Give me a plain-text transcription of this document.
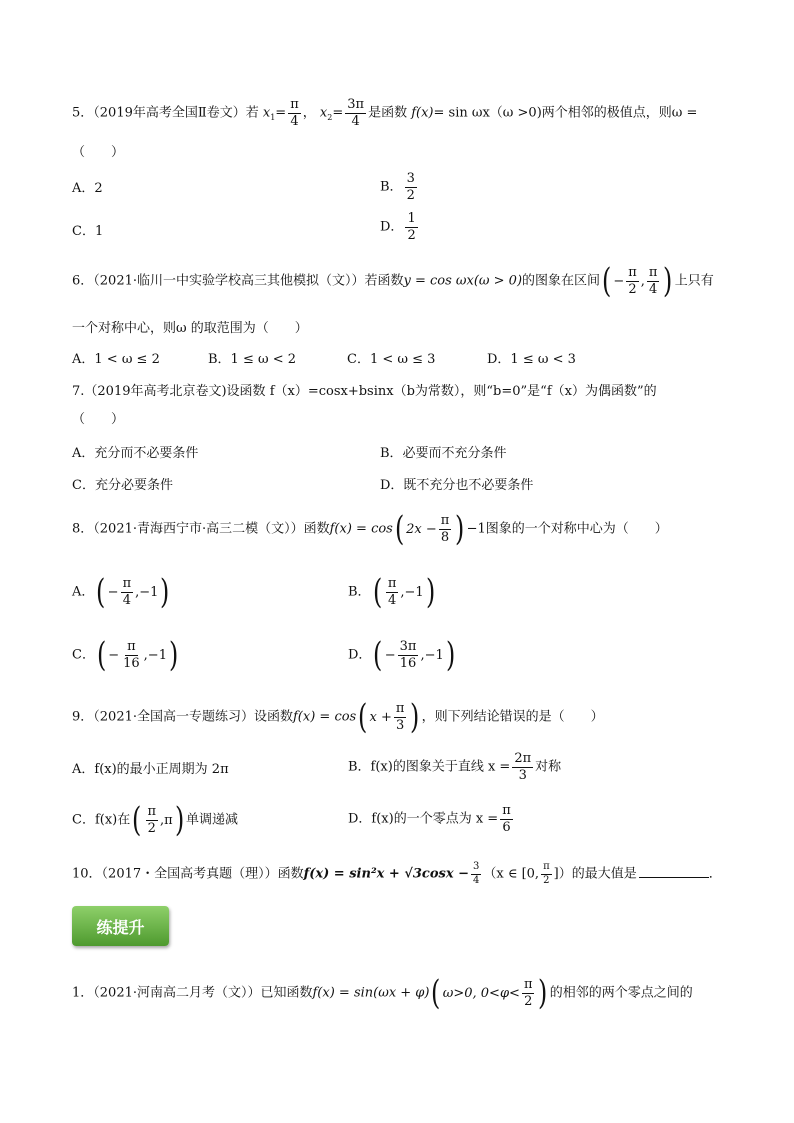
5．（2019年高考全国Ⅱ卷文）若 $x_1= \frac{\pi}{4}$ ， $x_2= \frac{3\pi}{4}$ 是函数 f(x)= sin ωx（ω >0)两个相邻的极值点，则ω =
（　　）
A．2	B． $\frac{3}{2}$
C．1	D． $\frac{1}{2}$
6．（2021·临川一中实验学校高三其他模拟（文））若函数y = cos ωx(ω > 0)的图象在区间 ( − $\frac{\pi}{2}$ , $\frac{\pi}{4}$ ) 上只有
一个对称中心，则ω 的取范围为（　　）
A．1 < ω ≤ 2	B．1 ≤ ω < 2	C．1 < ω ≤ 3	D．1 ≤ ω < 3
7.（2019年高考北京卷文)设函数 f（x）=cosx+bsinx（b为常数），则“b=0”是“f（x）为偶函数”的
（　　）
A．充分而不必要条件	B．必要而不充分条件
C．充分必要条件	D．既不充分也不必要条件
8．（2021·青海西宁市·高三二模（文））函数f(x) = cos ( $2x - \frac{\pi}{8}$ ) −1图象的一个对称中心为（　　）
A． ( − $\frac{\pi}{4} ,-1$ )	B． ( $\frac{\pi}{4} ,-1$ )
C． ( − $\frac{\pi}{16} ,-1$ )	D． ( − $\frac{3\pi}{16} ,-1$ )
9．（2021·全国高一专题练习）设函数f(x) = cos ( $x + \frac{\pi}{3}$ ) ，则下列结论错误的是（　　）
A．f(x)的最小正周期为 2π	B．f(x)的图象关于直线 $x = \frac{2\pi}{3}$ 对称
C．f(x)在 ( $\frac{\pi}{2} ,\pi$ ) 单调递减	D．f(x)的一个零点为 $x = \frac{\pi}{6}$
10．（2017・全国高考真题（理））函数$f(x) = \sin^2x + √3\cos x - \frac{3}{4} (x$ ∈ [0, $\frac{\pi}{2}$ ]）的最大值是	．
练提升
1．（2021·河南高二月考（文））已知函数f(x) = sin(ωx + φ) ( ω>0, $0<\varphi< \frac{\pi}{2}$ ) 的相邻的两个零点之间的
